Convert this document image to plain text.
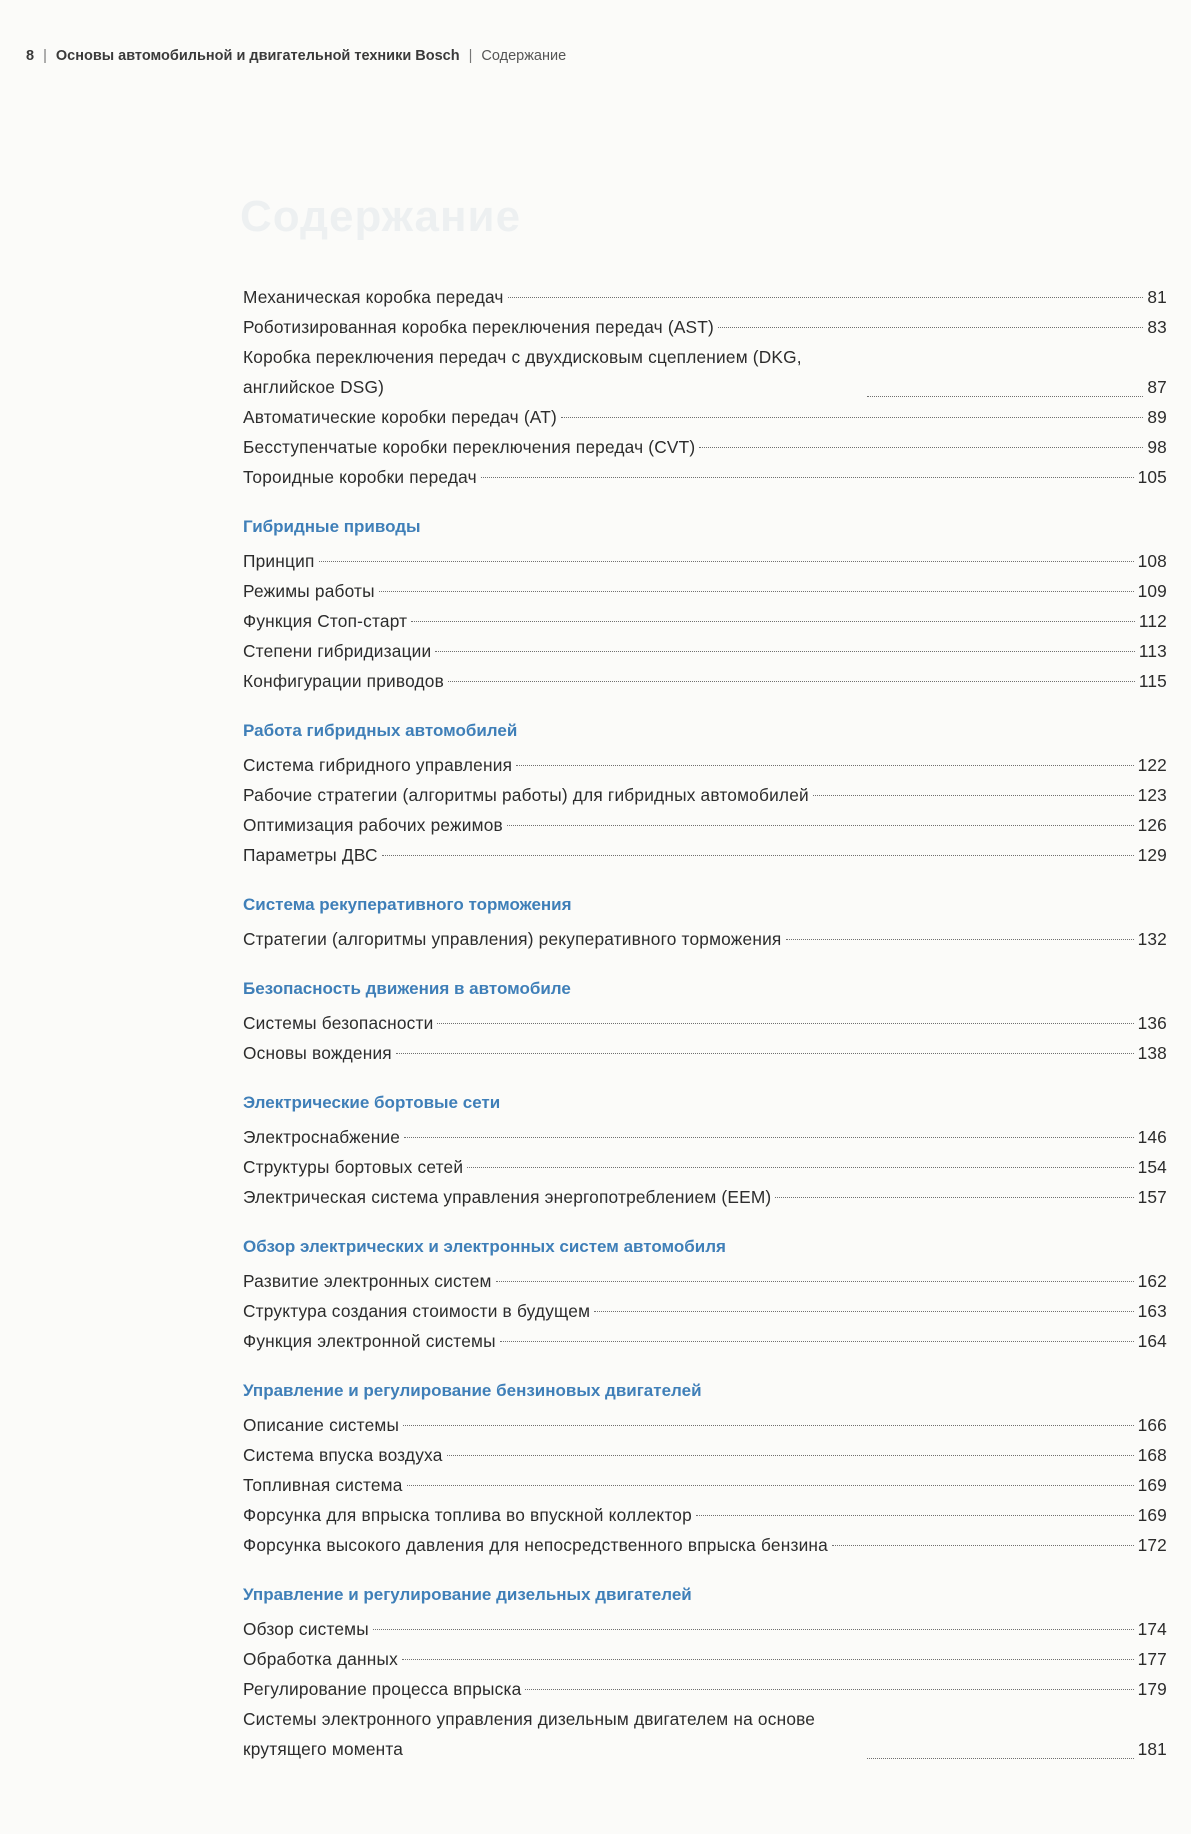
8 | Основы автомобильной и двигательной техники Bosch | Содержание
Содержание
Механическая коробка передач	81
Роботизированная коробка переключения передач (AST)	83
Коробка переключения передач с двухдисковым сцеплением (DKG, английское DSG)	87
Автоматические коробки передач (AT)	89
Бесступенчатые коробки переключения передач (CVT)	98
Тороидные коробки передач	105
Гибридные приводы
Принцип	108
Режимы работы	109
Функция Стоп-старт	112
Степени гибридизации	113
Конфигурации приводов	115
Работа гибридных автомобилей
Система гибридного управления	122
Рабочие стратегии (алгоритмы работы) для гибридных автомобилей	123
Оптимизация рабочих режимов	126
Параметры ДВС	129
Система рекуперативного торможения
Стратегии (алгоритмы управления) рекуперативного торможения	132
Безопасность движения в автомобиле
Системы безопасности	136
Основы вождения	138
Электрические бортовые сети
Электроснабжение	146
Структуры бортовых сетей	154
Электрическая система управления энергопотреблением (EEM)	157
Обзор электрических и электронных систем автомобиля
Развитие электронных систем	162
Структура создания стоимости в будущем	163
Функция электронной системы	164
Управление и регулирование бензиновых двигателей
Описание системы	166
Система впуска воздуха	168
Топливная система	169
Форсунка для впрыска топлива во впускной коллектор	169
Форсунка высокого давления для непосредственного впрыска бензина	172
Управление и регулирование дизельных двигателей
Обзор системы	174
Обработка данных	177
Регулирование процесса впрыска	179
Системы электронного управления дизельным двигателем на основе крутящего момента	181
